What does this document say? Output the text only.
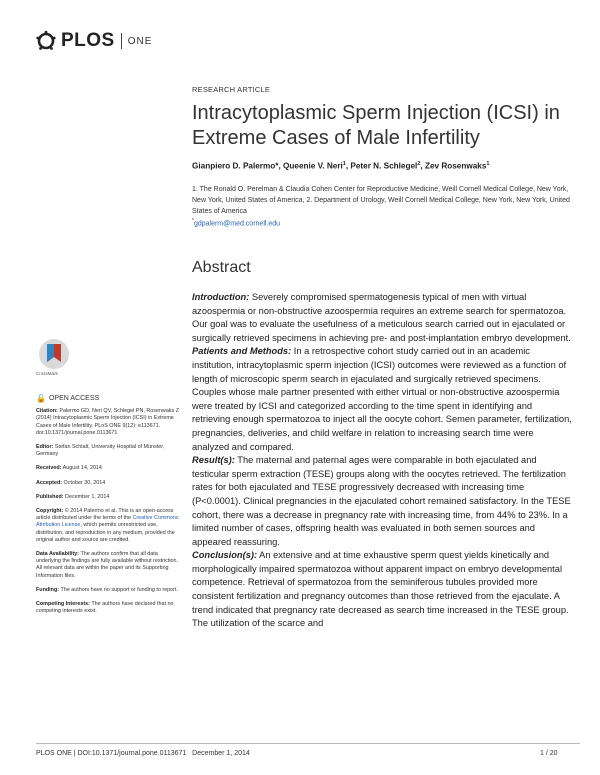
PLOS ONE
RESEARCH ARTICLE
Intracytoplasmic Sperm Injection (ICSI) in Extreme Cases of Male Infertility
Gianpiero D. Palermo*, Queenie V. Neri$^1$, Peter N. Schlegel$^2$, Zev Rosenwaks$^1$
1. The Ronald O. Perelman & Claudia Cohen Center for Reproductive Medicine, Weill Cornell Medical College, New York, New York, United States of America, 2. Department of Urology, Weill Cornell Medical College, New York, New York, United States of America
*gdpalerm@med.cornell.edu
Abstract

Introduction: Severely compromised spermatogenesis typical of men with virtual azoospermia or non-obstructive azoospermia requires an extreme search for spermatozoa. Our goal was to evaluate the usefulness of a meticulous search carried out in ejaculated or surgically retrieved specimens in achieving pre- and post-implantation embryo development.

Patients and Methods: In a retrospective cohort study carried out in an academic institution, intracytoplasmic sperm injection (ICSI) outcomes were reviewed as a function of length of microscopic sperm search in ejaculated and surgically retrieved specimens. Couples whose male partner presented with either virtual or non-obstructive azoospermia were treated by ICSI and categorized according to the time spent in identifying and retrieving enough spermatozoa to inject all the oocyte cohort. Semen parameter, fertilization, pregnancies, deliveries, and child welfare in relation to increasing search time were analyzed and compared.

Result(s): The maternal and paternal ages were comparable in both ejaculated and testicular sperm extraction (TESE) groups along with the oocytes retrieved. The fertilization rates for both ejaculated and TESE progressively decreased with increasing time (P<0.0001). Clinical pregnancies in the ejaculated cohort remained satisfactory. In the TESE cohort, there was a decrease in pregnancy rate with increasing time, from 44% to 23%. In a limited number of cases, offspring health was evaluated in both semen sources and appeared reassuring.

Conclusion(s): An extensive and at time exhaustive sperm quest yields kinetically and morphologically impaired spermatozoa without apparent impact on embryo developmental competence. Retrieval of spermatozoa from the seminiferous tubules provided more consistent fertilization and pregnancy outcomes than those retrieved from the ejaculate. A trend indicated that pregnancy rate decreased as search time increased in the TESE group. The utilization of the scarce and

CrossMark
🔓 OPEN ACCESS
Citation: Palermo GD, Neri QV, Schlegel PN, Rosenwaks Z (2014) Intracytoplasmic Sperm Injection (ICSI) in Extreme Cases of Male Infertility. PLoS ONE 9(12): e113671. doi:10.1371/journal.pone.0113671
Editor: Stefan Schlatt, University Hospital of Münster, Germany
Received: August 14, 2014
Accepted: October 30, 2014
Published: December 1, 2014
Copyright: © 2014 Palermo et al. This is an open-access article distributed under the terms of the Creative Commons Attribution License, which permits unrestricted use, distribution, and reproduction in any medium, provided the original author and source are credited.
Data Availability: The authors confirm that all data underlying the findings are fully available without restriction. All relevant data are within the paper and its Supporting Information files.
Funding: The authors have no support or funding to report.
Competing Interests: The authors have declared that no competing interests exist.
PLOS ONE | DOI:10.1371/journal.pone.0113671   December 1, 2014	1 / 20
